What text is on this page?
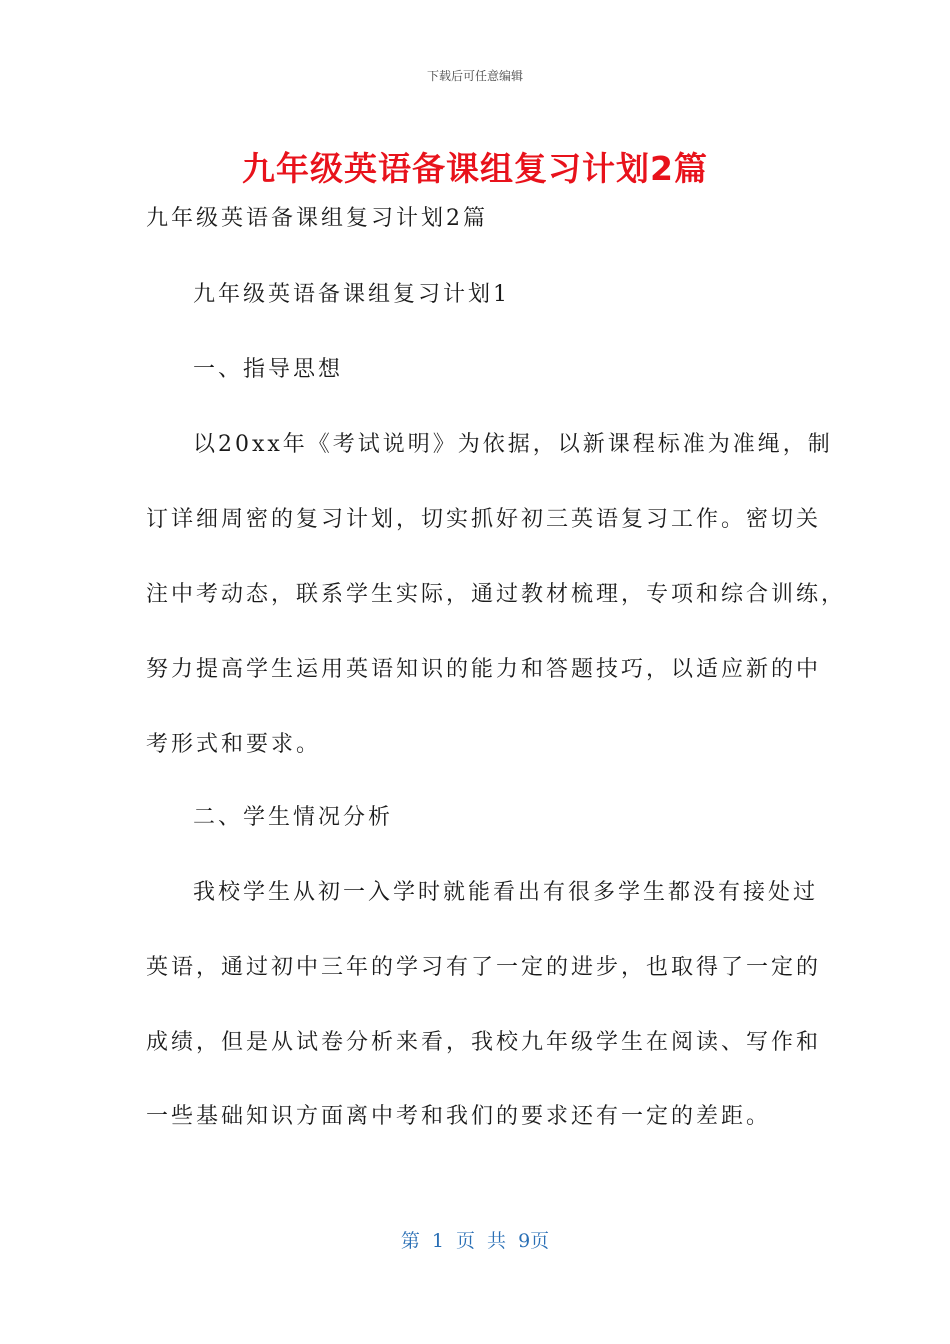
下载后可任意编辑
九年级英语备课组复习计划2篇
九年级英语备课组复习计划2篇
九年级英语备课组复习计划1
一、指导思想
以20xx年《考试说明》为依据，以新课程标准为准绳，制
订详细周密的复习计划，切实抓好初三英语复习工作。密切关
注中考动态，联系学生实际，通过教材梳理，专项和综合训练，
努力提高学生运用英语知识的能力和答题技巧，以适应新的中
考形式和要求。
二、学生情况分析
我校学生从初一入学时就能看出有很多学生都没有接处过
英语，通过初中三年的学习有了一定的进步，也取得了一定的
成绩，但是从试卷分析来看，我校九年级学生在阅读、写作和
一些基础知识方面离中考和我们的要求还有一定的差距。
第 1 页 共 9页
